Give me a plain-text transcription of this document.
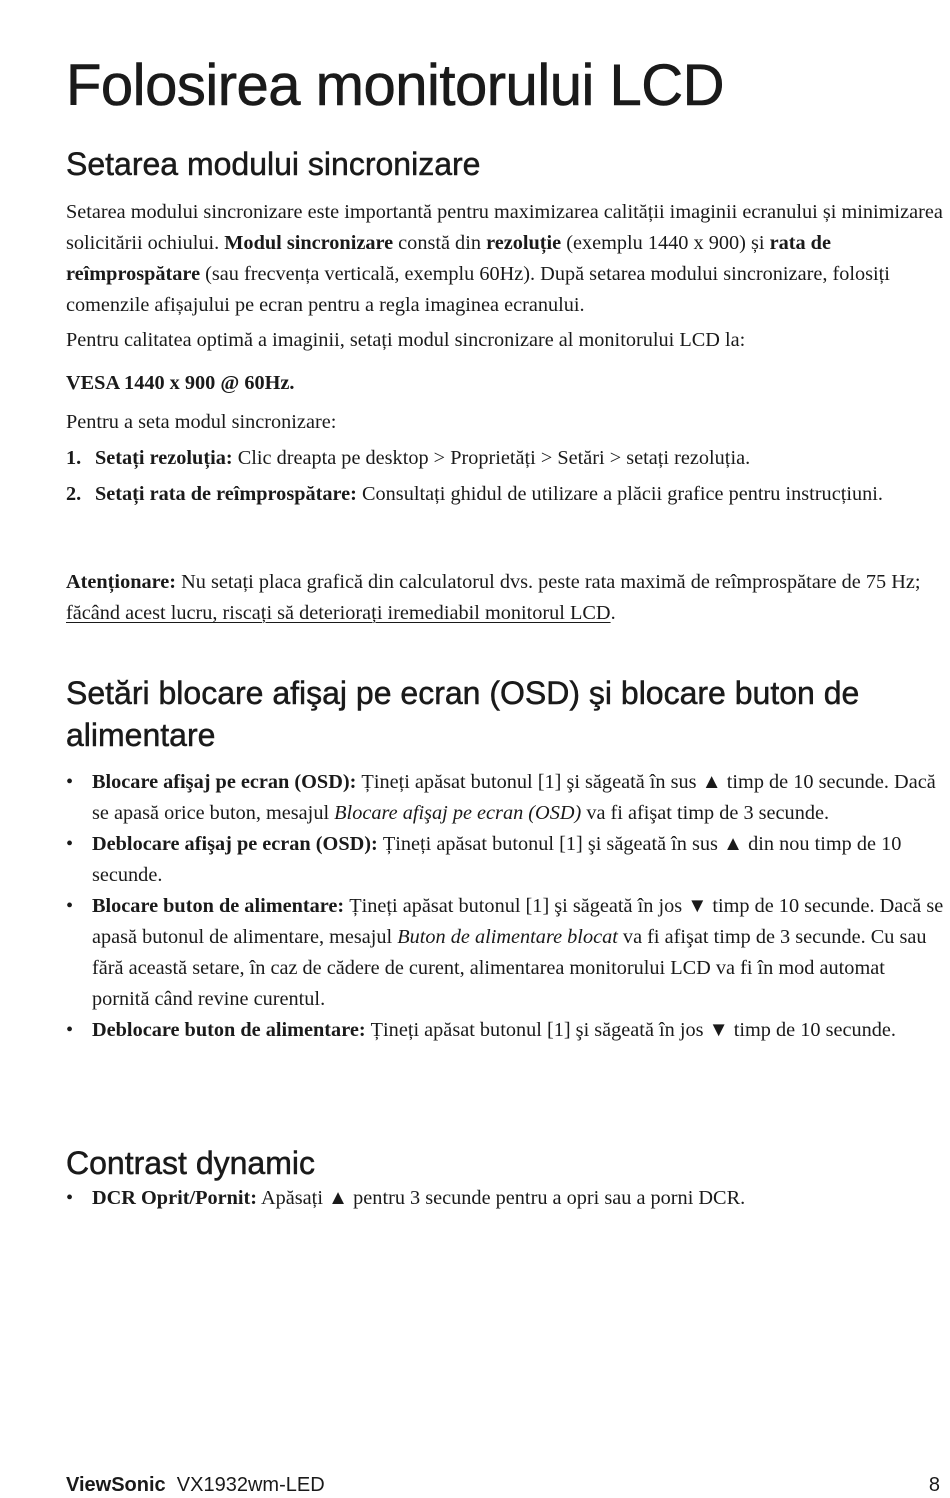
Folosirea monitorului LCD
Setarea modului sincronizare

Setarea modului sincronizare este importantă pentru maximizarea calității imaginii ecranului și minimizarea solicitării ochiului. Modul sincronizare constă din rezoluție (exemplu 1440 x 900) și rata de reîmprospătare (sau frecvența verticală, exemplu 60Hz). După setarea modului sincronizare, folosiți comenzile afișajului pe ecran pentru a regla imaginea ecranului.

Pentru calitatea optimă a imaginii, setați modul sincronizare al monitorului LCD la:

VESA 1440 x 900 @ 60Hz.

Pentru a seta modul sincronizare:

1. Setați rezoluția: Clic dreapta pe desktop > Proprietăți > Setări > setați rezoluția.
2. Setați rata de reîmprospătare: Consultați ghidul de utilizare a plăcii grafice pentru instrucțiuni.

Atenționare: Nu setați placa grafică din calculatorul dvs. peste rata maximă de reîmprospătare de 75 Hz; făcând acest lucru, riscați să deteriorați iremediabil monitorul LCD.

Setări blocare afişaj pe ecran (OSD) şi blocare buton de alimentare
• Blocare afişaj pe ecran (OSD): Țineți apăsat butonul [1] şi săgeată în sus ▲ timp de 10 secunde. Dacă se apasă orice buton, mesajul Blocare afişaj pe ecran (OSD) va fi afişat timp de 3 secunde.
• Deblocare afişaj pe ecran (OSD): Țineți apăsat butonul [1] şi săgeată în sus ▲ din nou timp de 10 secunde.
• Blocare buton de alimentare: Țineți apăsat butonul [1] şi săgeată în jos ▼ timp de 10 secunde. Dacă se apasă butonul de alimentare, mesajul Buton de alimentare blocat va fi afişat timp de 3 secunde. Cu sau fără această setare, în caz de cădere de curent, alimentarea monitorului LCD va fi în mod automat pornită când revine curentul.
• Deblocare buton de alimentare: Țineți apăsat butonul [1] şi săgeată în jos ▼ timp de 10 secunde.
Contrast dynamic
• DCR Oprit/Pornit: Apăsați ▲ pentru 3 secunde pentru a opri sau a porni DCR.
ViewSonic VX1932wm-LED	8
